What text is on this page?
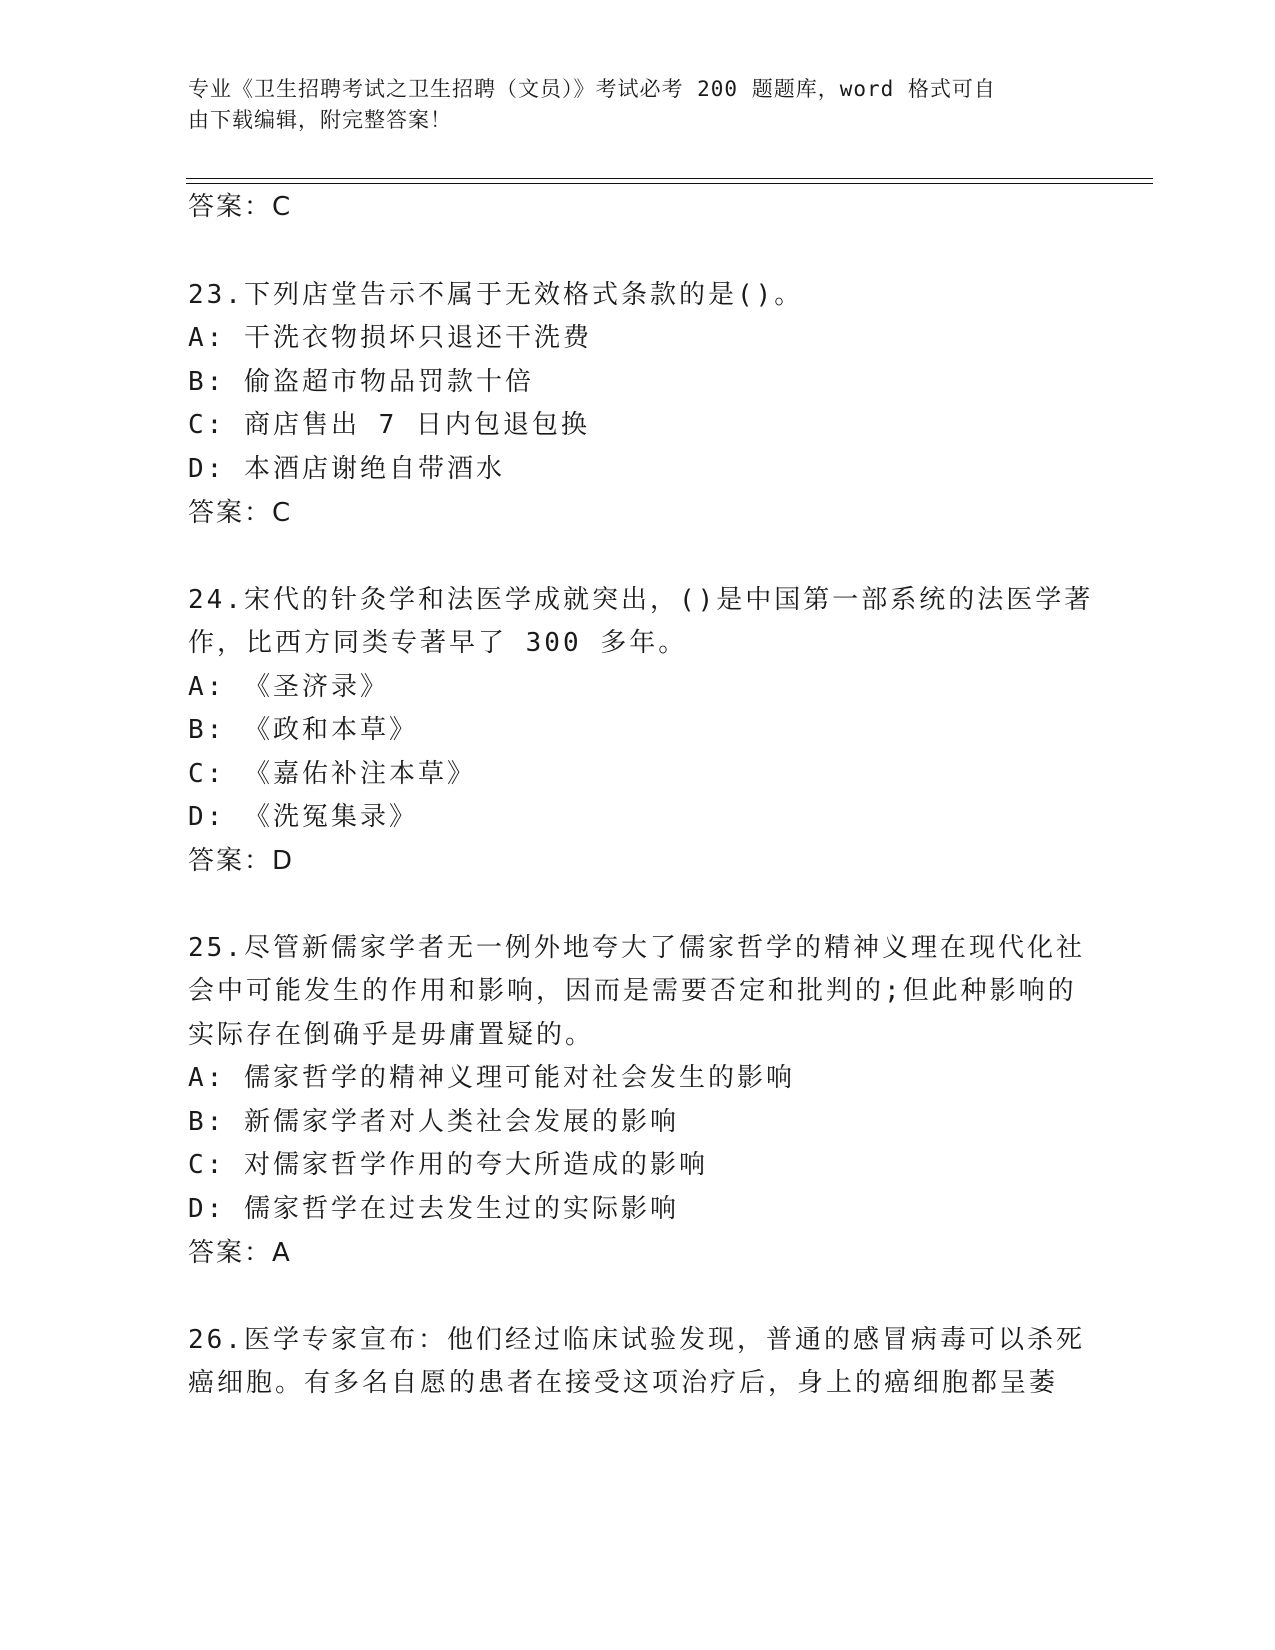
专业《卫生招聘考试之卫生招聘（文员）》考试必考 200 题题库，word 格式可自
由下载编辑，附完整答案！
答案：C
23.下列店堂告示不属于无效格式条款的是()。
A: 干洗衣物损坏只退还干洗费
B: 偷盗超市物品罚款十倍
C: 商店售出 7 日内包退包换
D: 本酒店谢绝自带酒水
答案：C
24.宋代的针灸学和法医学成就突出，()是中国第一部系统的法医学著
作，比西方同类专著早了 300 多年。
A: 《圣济录》
B: 《政和本草》
C: 《嘉佑补注本草》
D: 《洗冤集录》
答案：D
25.尽管新儒家学者无一例外地夸大了儒家哲学的精神义理在现代化社
会中可能发生的作用和影响，因而是需要否定和批判的;但此种影响的
实际存在倒确乎是毋庸置疑的。
A: 儒家哲学的精神义理可能对社会发生的影响
B: 新儒家学者对人类社会发展的影响
C: 对儒家哲学作用的夸大所造成的影响
D: 儒家哲学在过去发生过的实际影响
答案：A
26.医学专家宣布：他们经过临床试验发现，普通的感冒病毒可以杀死
癌细胞。有多名自愿的患者在接受这项治疗后，身上的癌细胞都呈萎
